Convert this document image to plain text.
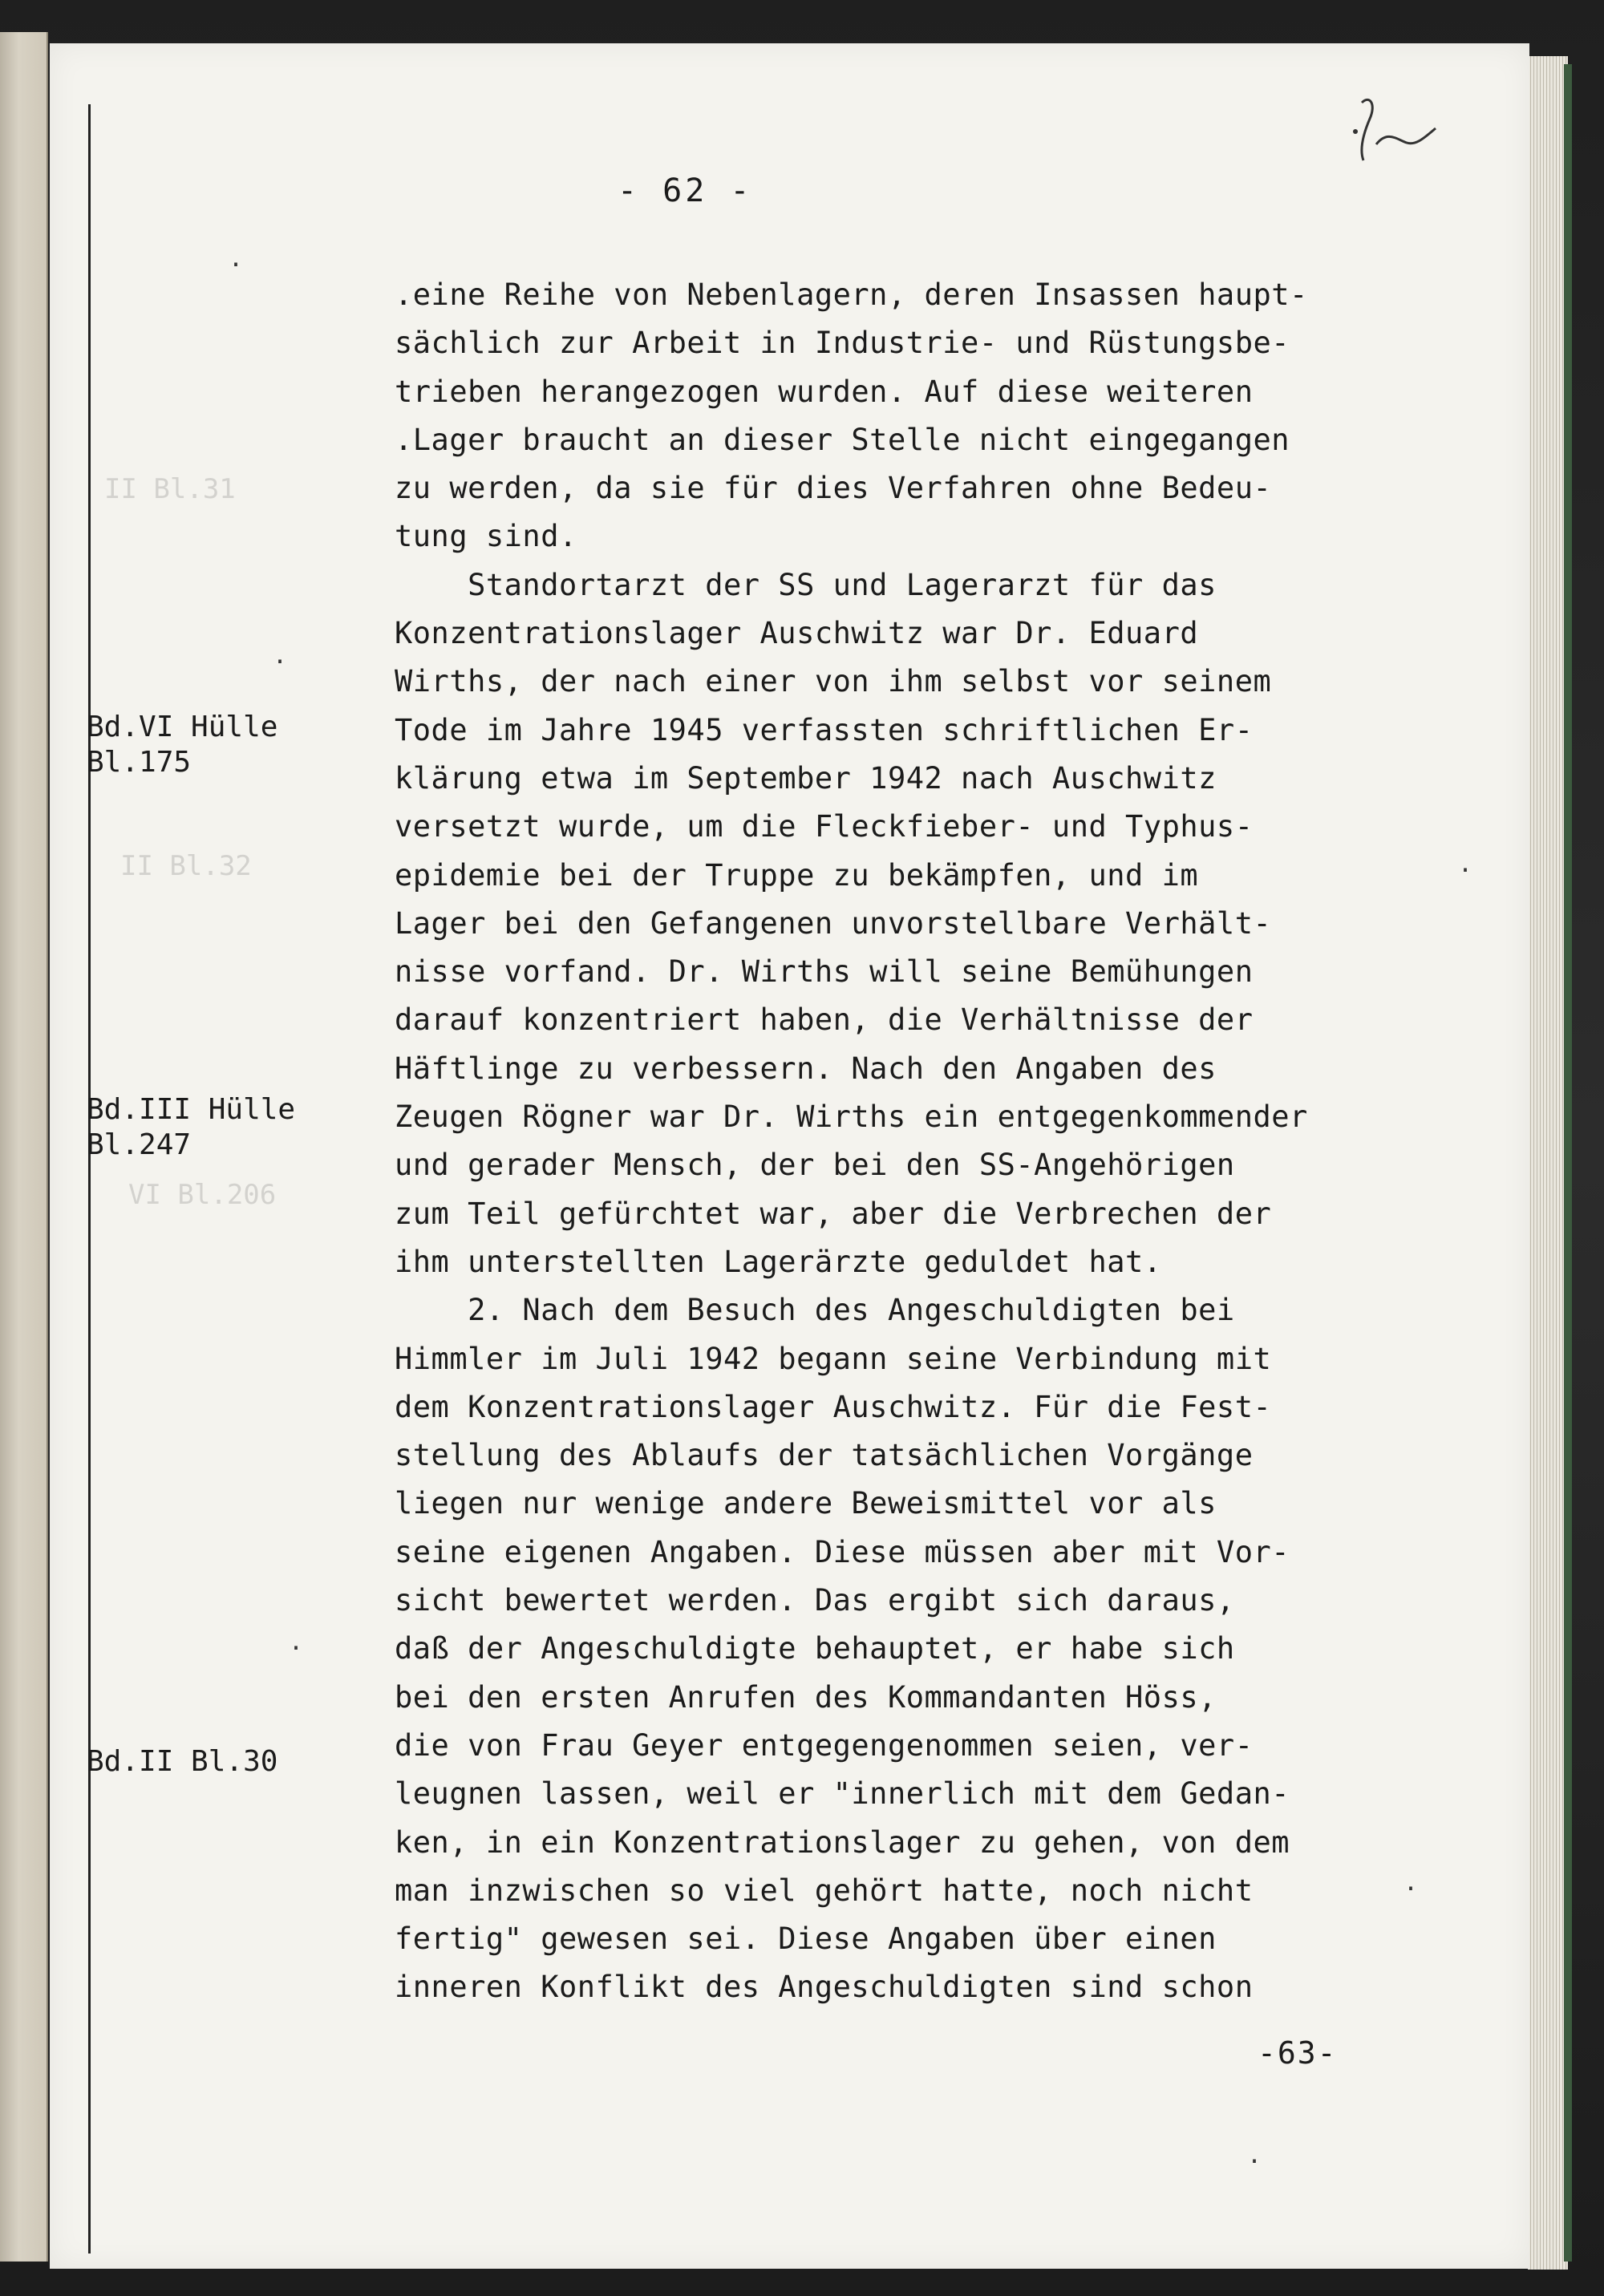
II Bl.31
II Bl.32
VI Bl.206
- 62 -
.eine Reihe von Nebenlagern, deren Insassen haupt-
sächlich zur Arbeit in Industrie- und Rüstungsbe-
trieben herangezogen wurden. Auf diese weiteren
.Lager braucht an dieser Stelle nicht eingegangen
zu werden, da sie für dies Verfahren ohne Bedeu-
tung sind.
Standortarzt der SS und Lagerarzt für das
Konzentrationslager Auschwitz war Dr. Eduard
Wirths, der nach einer von ihm selbst vor seinem
Tode im Jahre 1945 verfassten schriftlichen Er-
klärung etwa im September 1942 nach Auschwitz
versetzt wurde, um die Fleckfieber- und Typhus-
epidemie bei der Truppe zu bekämpfen, und im
Lager bei den Gefangenen unvorstellbare Verhält-
nisse vorfand. Dr. Wirths will seine Bemühungen
darauf konzentriert haben, die Verhältnisse der
Häftlinge zu verbessern. Nach den Angaben des
Zeugen Rögner war Dr. Wirths ein entgegenkommender
und gerader Mensch, der bei den SS-Angehörigen
zum Teil gefürchtet war, aber die Verbrechen der
ihm unterstellten Lagerärzte geduldet hat.
2. Nach dem Besuch des Angeschuldigten bei
Himmler im Juli 1942 begann seine Verbindung mit
dem Konzentrationslager Auschwitz. Für die Fest-
stellung des Ablaufs der tatsächlichen Vorgänge
liegen nur wenige andere Beweismittel vor als
seine eigenen Angaben. Diese müssen aber mit Vor-
sicht bewertet werden. Das ergibt sich daraus,
daß der Angeschuldigte behauptet, er habe sich
bei den ersten Anrufen des Kommandanten Höss,
die von Frau Geyer entgegengenommen seien, ver-
leugnen lassen, weil er "innerlich mit dem Gedan-
ken, in ein Konzentrationslager zu gehen, von dem
man inzwischen so viel gehört hatte, noch nicht
fertig" gewesen sei. Diese Angaben über einen
inneren Konflikt des Angeschuldigten sind schon
Bd.VI Hülle
Bl.175
Bd.III Hülle
Bl.247
Bd.II Bl.30
-63-
.
.
.
.
.
.
